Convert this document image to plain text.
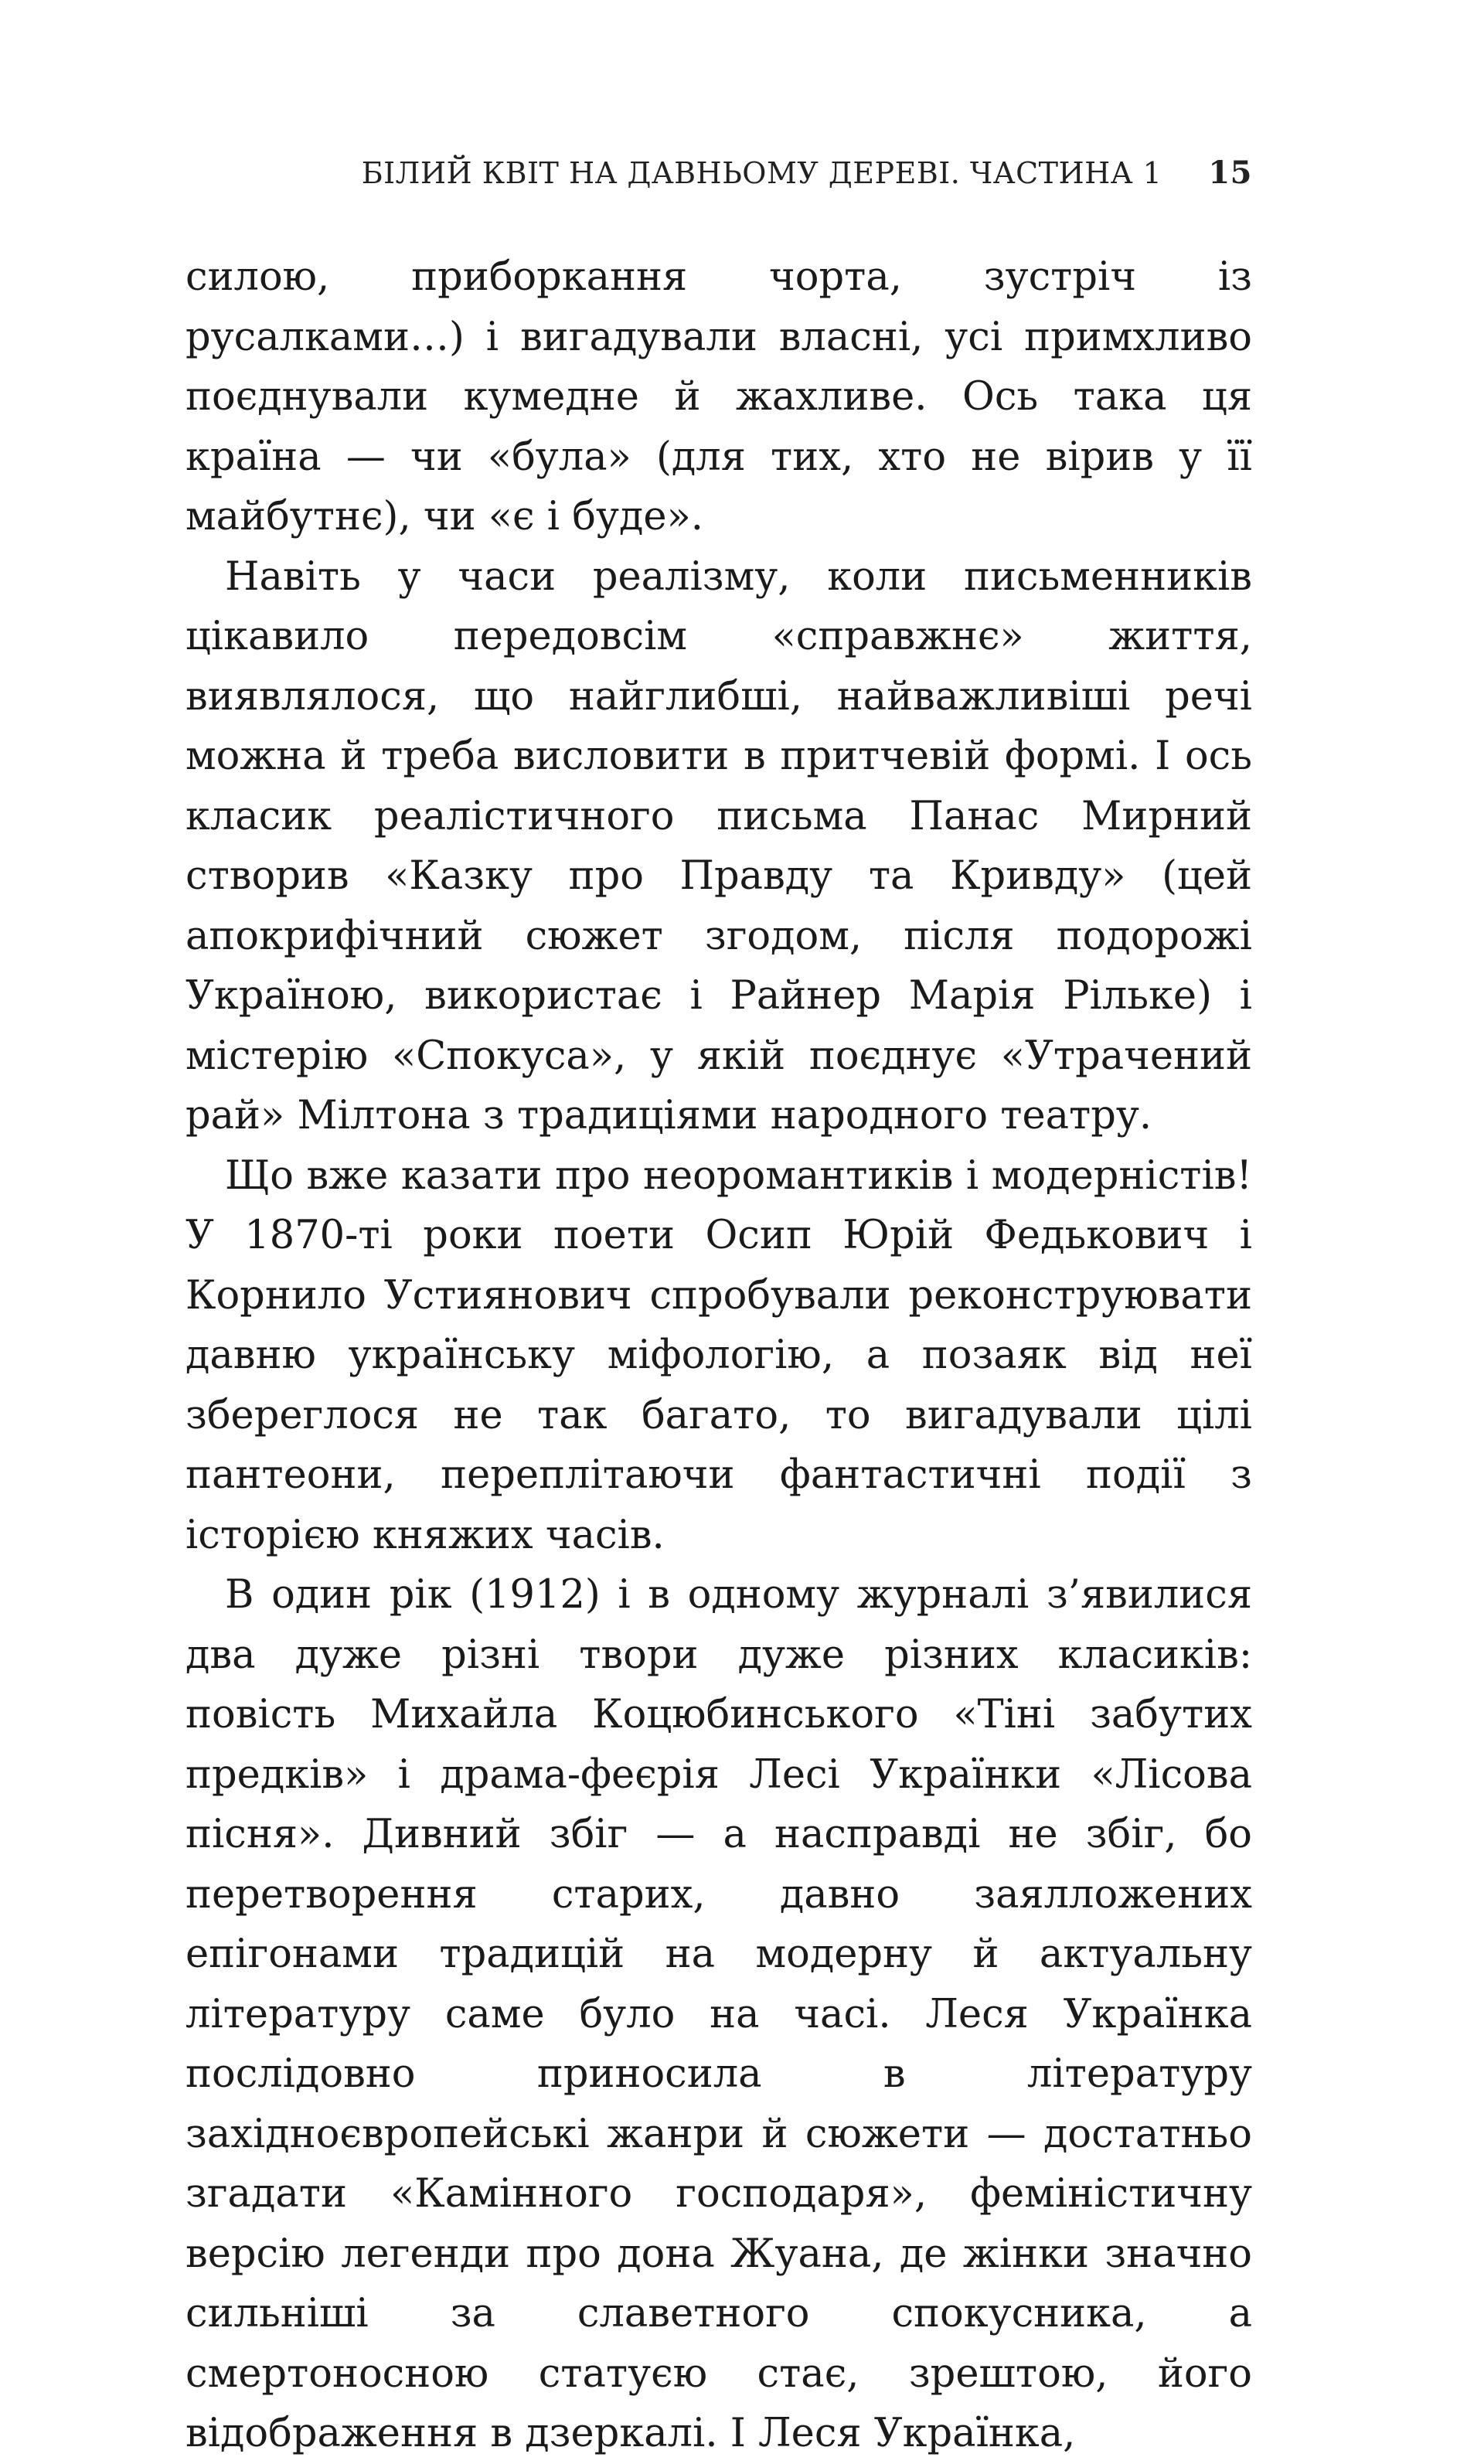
БІЛИЙ КВІТ НА ДАВНЬОМУ ДЕРЕВІ. ЧАСТИНА 1 15

силою, приборкання чорта, зустріч із русалками…) і вигадували власні, усі примхливо поєднували кумедне й жахливе. Ось така ця країна — чи «була» (для тих, хто не вірив у її майбутнє), чи «є і буде».

Навіть у часи реалізму, коли письменників цікавило передовсім «справжнє» життя, виявлялося, що найглибші, найважливіші речі можна й треба висловити в притчевій формі. І ось класик реалістичного письма Панас Мирний створив «Казку про Правду та Кривду» (цей апокрифічний сюжет згодом, після подорожі Україною, використає і Райнер Марія Рільке) і містерію «Спокуса», у якій поєднує «Утрачений рай» Мілтона з традиціями народного театру.

Що вже казати про неоромантиків і модерністів! У 1870-ті роки поети Осип Юрій Федькович і Корнило Устиянович спробували реконструювати давню українську міфологію, а позаяк від неї збереглося не так багато, то вигадували цілі пантеони, переплітаючи фантастичні події з історією княжих часів.

В один рік (1912) і в одному журналі з’явилися два дуже різні твори дуже різних класиків: повість Михайла Коцюбинського «Тіні забутих предків» і драма-феєрія Лесі Українки «Лісова пісня». Дивний збіг — а насправді не збіг, бо перетворення старих, давно заялложених епігонами традицій на модерну й актуальну літературу саме було на часі. Леся Українка послідовно приносила в літературу західноєвропейські жанри й сюжети — достатньо згадати «Камінного господаря», феміністичну версію легенди про дона Жуана, де жінки значно сильніші за славетного спокусника, а смертоносною статуєю стає, зрештою, його відображення в дзеркалі. І Леся Українка,
